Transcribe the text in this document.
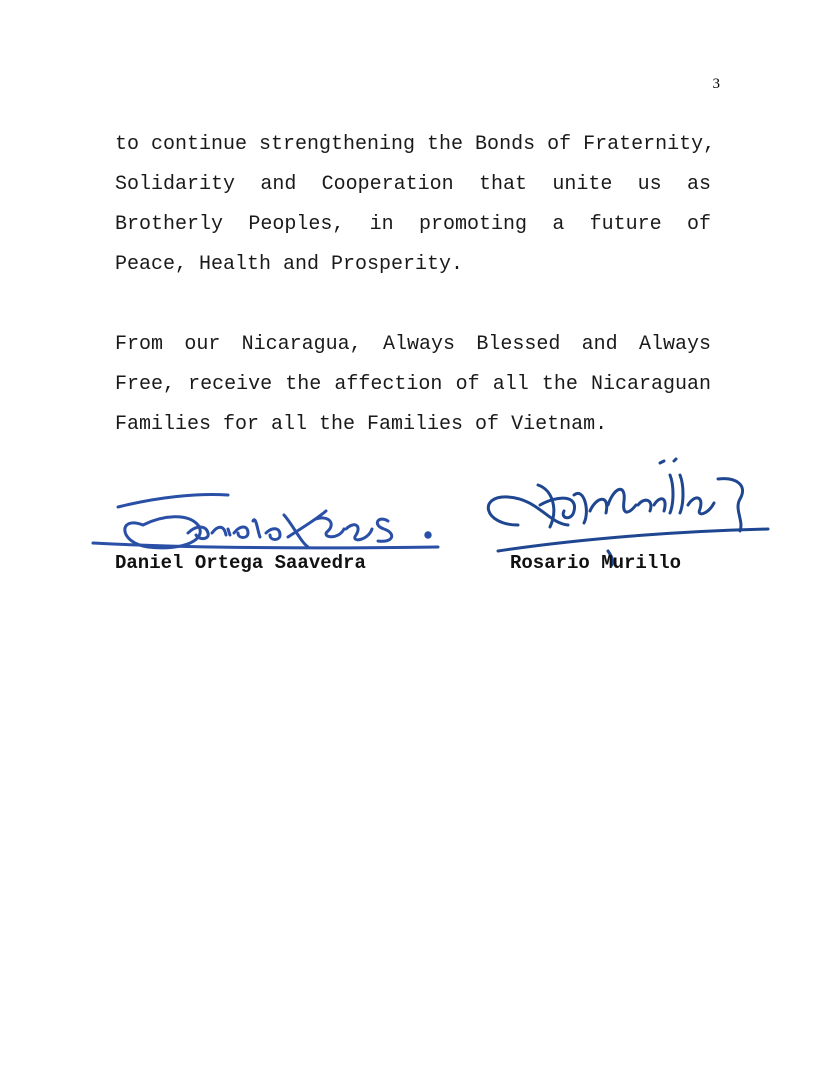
3
to continue strengthening the Bonds of Fraternity,
Solidarity and Cooperation that unite us as
Brotherly Peoples, in promoting a future of
Peace, Health and Prosperity.
From our Nicaragua, Always Blessed and Always
Free, receive the affection of all the Nicaraguan
Families for all the Families of Vietnam.
Daniel Ortega Saavedra	Rosario Murillo
